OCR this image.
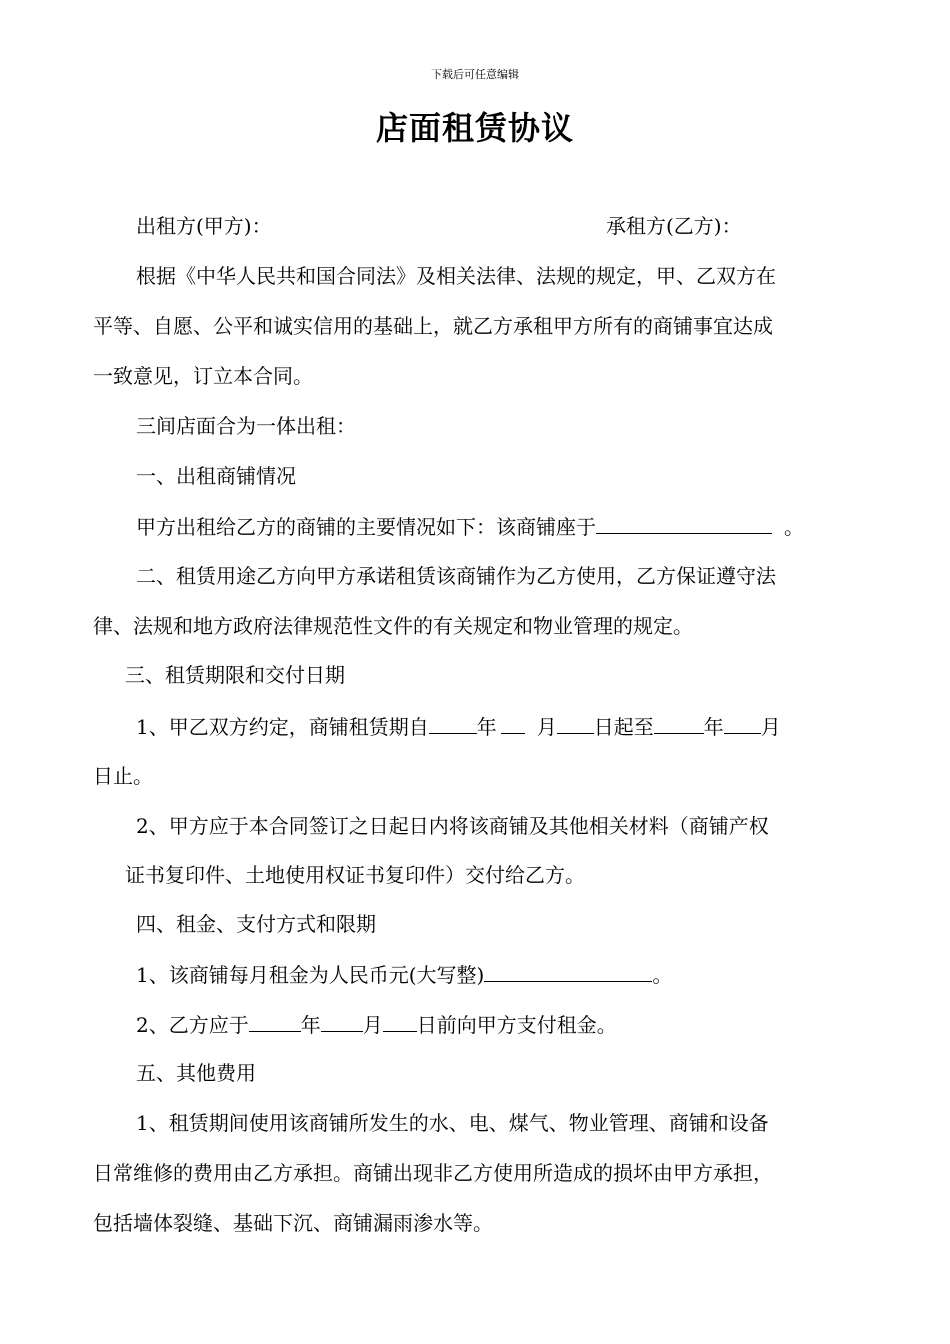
下载后可任意编辑
店面租赁协议
出租方(甲方)：	承租方(乙方)：
根据《中华人民共和国合同法》及相关法律、法规的规定，甲、乙双方在
平等、自愿、公平和诚实信用的基础上，就乙方承租甲方所有的商铺事宜达成
一致意见，订立本合同。
三间店面合为一体出租：
一、出租商铺情况
甲方出租给乙方的商铺的主要情况如下：该商铺座于	。
二、租赁用途乙方向甲方承诺租赁该商铺作为乙方使用，乙方保证遵守法
律、法规和地方政府法律规范性文件的有关规定和物业管理的规定。
三、租赁期限和交付日期
1、甲乙双方约定，商铺租赁期自 年 月 日起至	年 月
日止。
2、甲方应于本合同签订之日起日内将该商铺及其他相关材料（商铺产权
证书复印件、土地使用权证书复印件）交付给乙方。
四、租金、支付方式和限期
1、该商铺每月租金为人民币元(大写整)	。
2、乙方应于	年 月 日前向甲方支付租金。
五、其他费用
1、租赁期间使用该商铺所发生的水、电、煤气、物业管理、商铺和设备
日常维修的费用由乙方承担。商铺出现非乙方使用所造成的损坏由甲方承担，
包括墙体裂缝、基础下沉、商铺漏雨渗水等。
